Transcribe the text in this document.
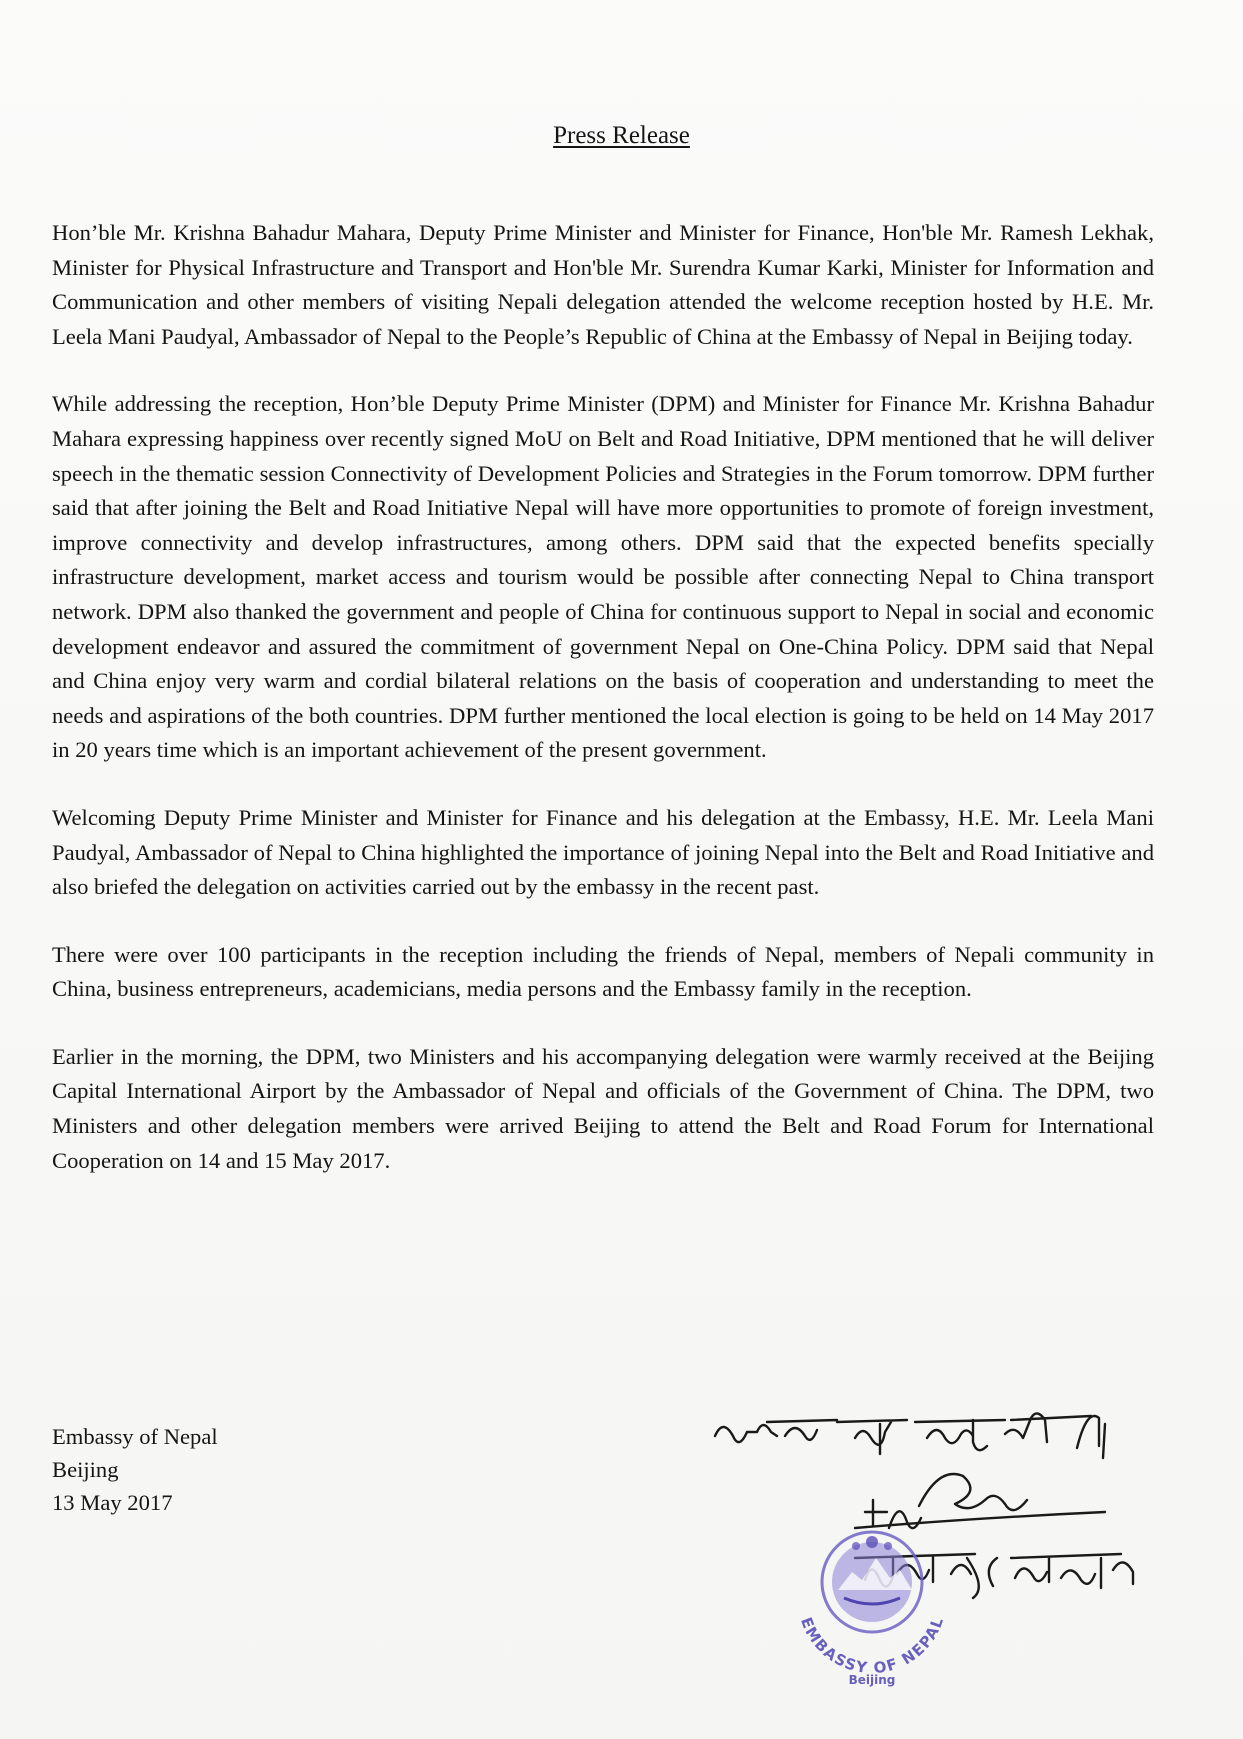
Press Release

Hon’ble Mr. Krishna Bahadur Mahara, Deputy Prime Minister and Minister for Finance, Hon'ble Mr. Ramesh Lekhak, Minister for Physical Infrastructure and Transport and Hon'ble Mr. Surendra Kumar Karki, Minister for Information and Communication and other members of visiting Nepali delegation attended the welcome reception hosted by H.E. Mr. Leela Mani Paudyal, Ambassador of Nepal to the People’s Republic of China at the Embassy of Nepal in Beijing today.

While addressing the reception, Hon’ble Deputy Prime Minister (DPM) and Minister for Finance Mr. Krishna Bahadur Mahara expressing happiness over recently signed MoU on Belt and Road Initiative, DPM mentioned that he will deliver speech in the thematic session Connectivity of Development Policies and Strategies in the Forum tomorrow. DPM further said that after joining the Belt and Road Initiative Nepal will have more opportunities to promote of foreign investment, improve connectivity and develop infrastructures, among others. DPM said that the expected benefits specially infrastructure development, market access and tourism would be possible after connecting Nepal to China transport network. DPM also thanked the government and people of China for continuous support to Nepal in social and economic development endeavor and assured the commitment of government Nepal on One-China Policy. DPM said that Nepal and China enjoy very warm and cordial bilateral relations on the basis of cooperation and understanding to meet the needs and aspirations of the both countries. DPM further mentioned the local election is going to be held on 14 May 2017 in 20 years time which is an important achievement of the present government.

Welcoming Deputy Prime Minister and Minister for Finance and his delegation at the Embassy, H.E. Mr. Leela Mani Paudyal, Ambassador of Nepal to China highlighted the importance of joining Nepal into the Belt and Road Initiative and also briefed the delegation on activities carried out by the embassy in the recent past.

There were over 100 participants in the reception including the friends of Nepal, members of Nepali community in China, business entrepreneurs, academicians, media persons and the Embassy family in the reception.

Earlier in the morning, the DPM, two Ministers and his accompanying delegation were warmly received at the Beijing Capital International Airport by the Ambassador of Nepal and officials of the Government of China. The DPM, two Ministers and other delegation members were arrived Beijing to attend the Belt and Road Forum for International Cooperation on 14 and 15 May 2017.

Embassy of Nepal
Beijing
13 May 2017
EMBASSY OF NEPAL
Beijing
